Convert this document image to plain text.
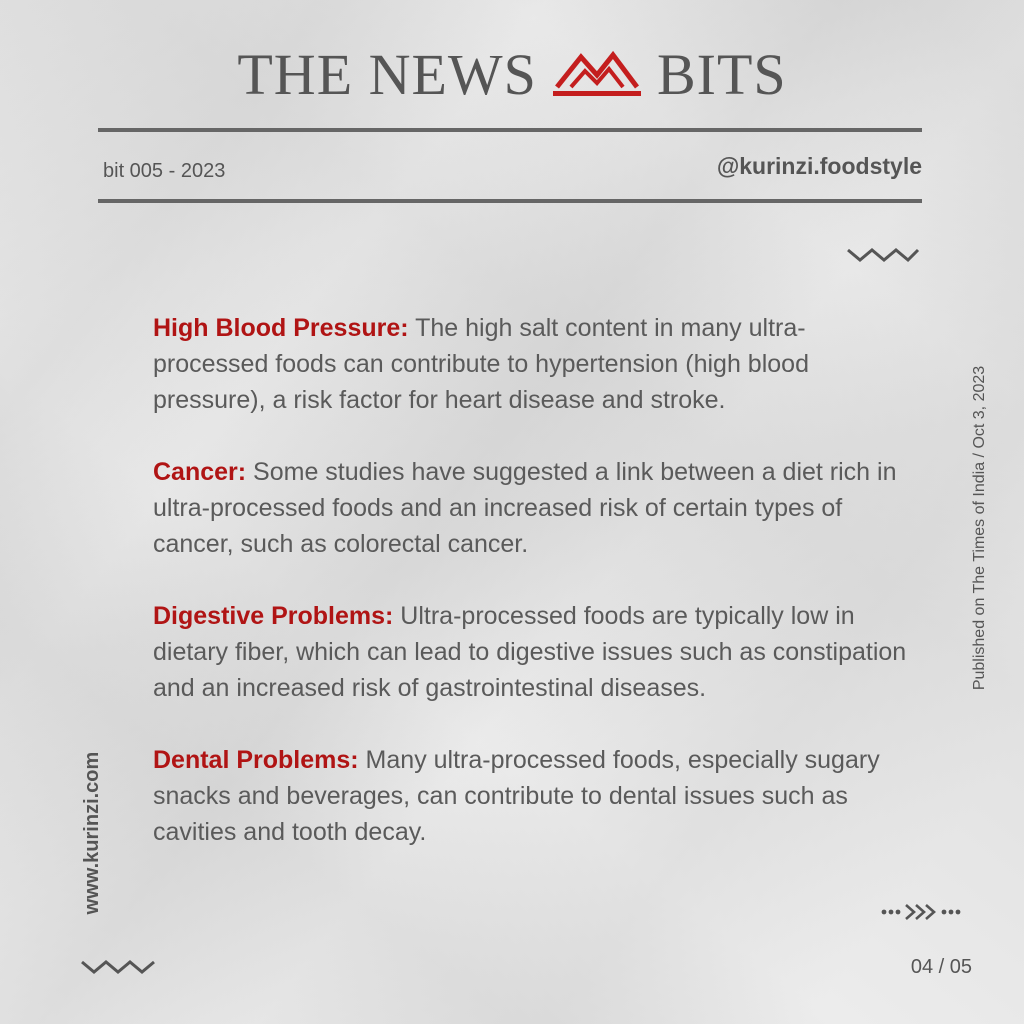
THE NEWS BITS
bit 005 - 2023	@kurinzi.foodstyle

High Blood Pressure: The high salt content in many ultra-processed foods can contribute to hypertension (high blood pressure), a risk factor for heart disease and stroke.

Cancer: Some studies have suggested a link between a diet rich in ultra-processed foods and an increased risk of certain types of cancer, such as colorectal cancer.

Digestive Problems: Ultra-processed foods are typically low in dietary fiber, which can lead to digestive issues such as constipation and an increased risk of gastrointestinal diseases.

Dental Problems: Many ultra-processed foods, especially sugary snacks and beverages, can contribute to dental issues such as cavities and tooth decay.

Published on The Times of India / Oct 3, 2023
www.kurinzi.com
04 / 05
